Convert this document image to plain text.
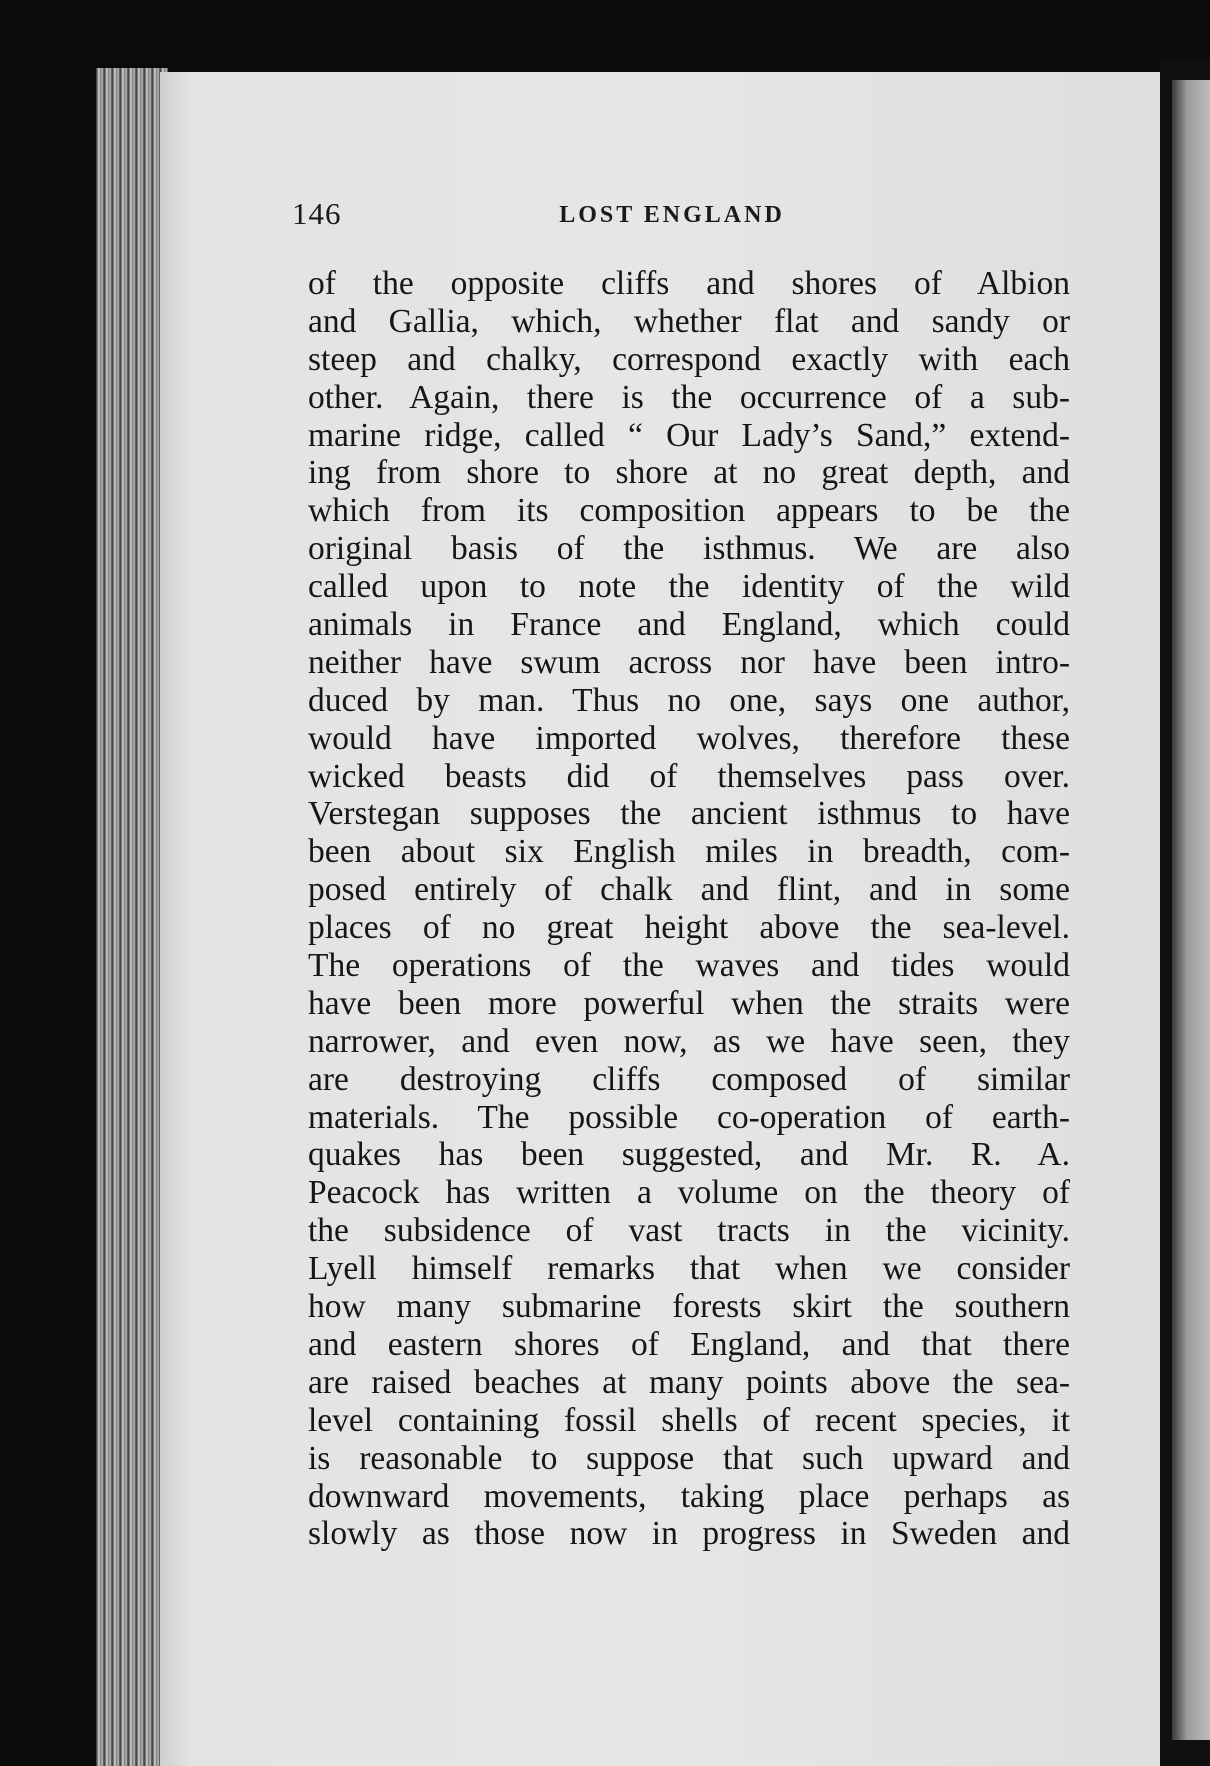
146	LOST ENGLAND
of the opposite cliffs and shores of Albion
and Gallia, which, whether flat and sandy or
steep and chalky, correspond exactly with each
other. Again, there is the occurrence of a sub-
marine ridge, called “ Our Lady’s Sand,” extend-
ing from shore to shore at no great depth, and
which from its composition appears to be the
original basis of the isthmus. We are also
called upon to note the identity of the wild
animals in France and England, which could
neither have swum across nor have been intro-
duced by man. Thus no one, says one author,
would have imported wolves, therefore these
wicked beasts did of themselves pass over.
Verstegan supposes the ancient isthmus to have
been about six English miles in breadth, com-
posed entirely of chalk and flint, and in some
places of no great height above the sea-level.
The operations of the waves and tides would
have been more powerful when the straits were
narrower, and even now, as we have seen, they
are destroying cliffs composed of similar
materials. The possible co-operation of earth-
quakes has been suggested, and Mr. R. A.
Peacock has written a volume on the theory of
the subsidence of vast tracts in the vicinity.
Lyell himself remarks that when we consider
how many submarine forests skirt the southern
and eastern shores of England, and that there
are raised beaches at many points above the sea-
level containing fossil shells of recent species, it
is reasonable to suppose that such upward and
downward movements, taking place perhaps as
slowly as those now in progress in Sweden and
